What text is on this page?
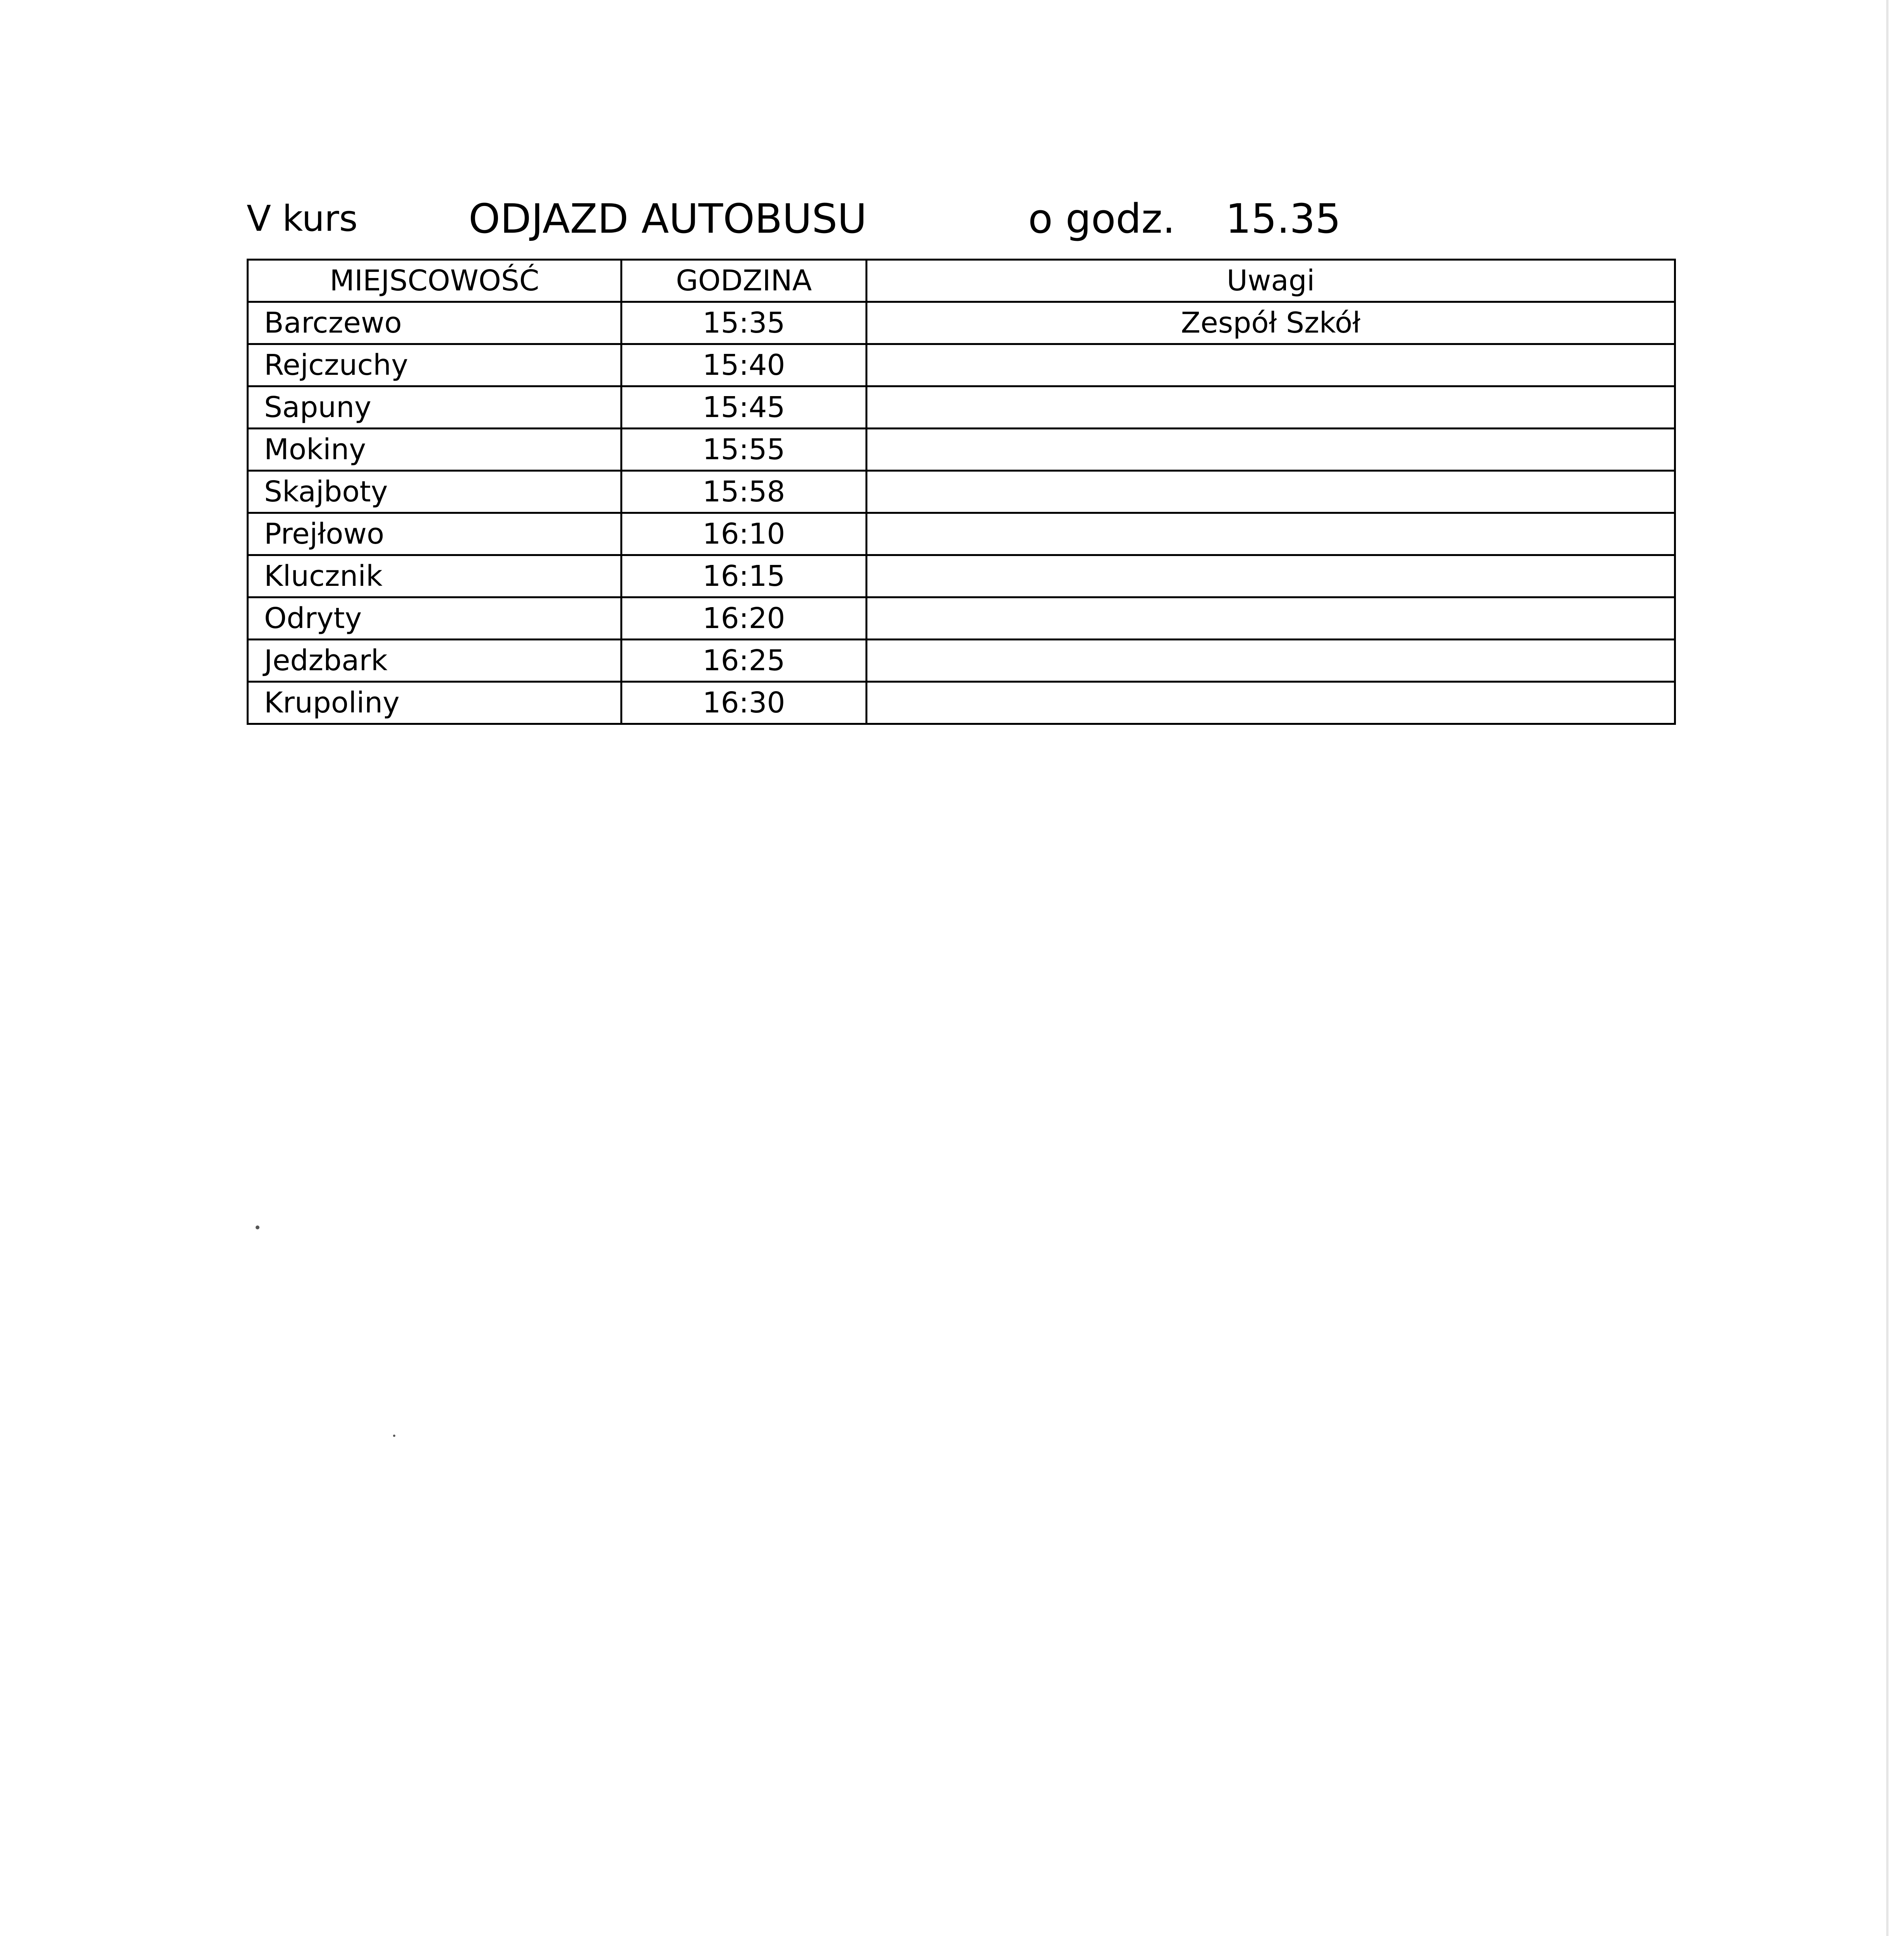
V kurs	ODJAZD AUTOBUSU	o godz. 15.35
MIEJSCOWOŚĆ	GODZINA	Uwagi
Barczewo	15:35	Zespół Szkół
Rejczuchy	15:40	
Sapuny	15:45	
Mokiny	15:55	
Skajboty	15:58	
Prejłowo	16:10	
Klucznik	16:15	
Odryty	16:20	
Jedzbark	16:25	
Krupoliny	16:30	
